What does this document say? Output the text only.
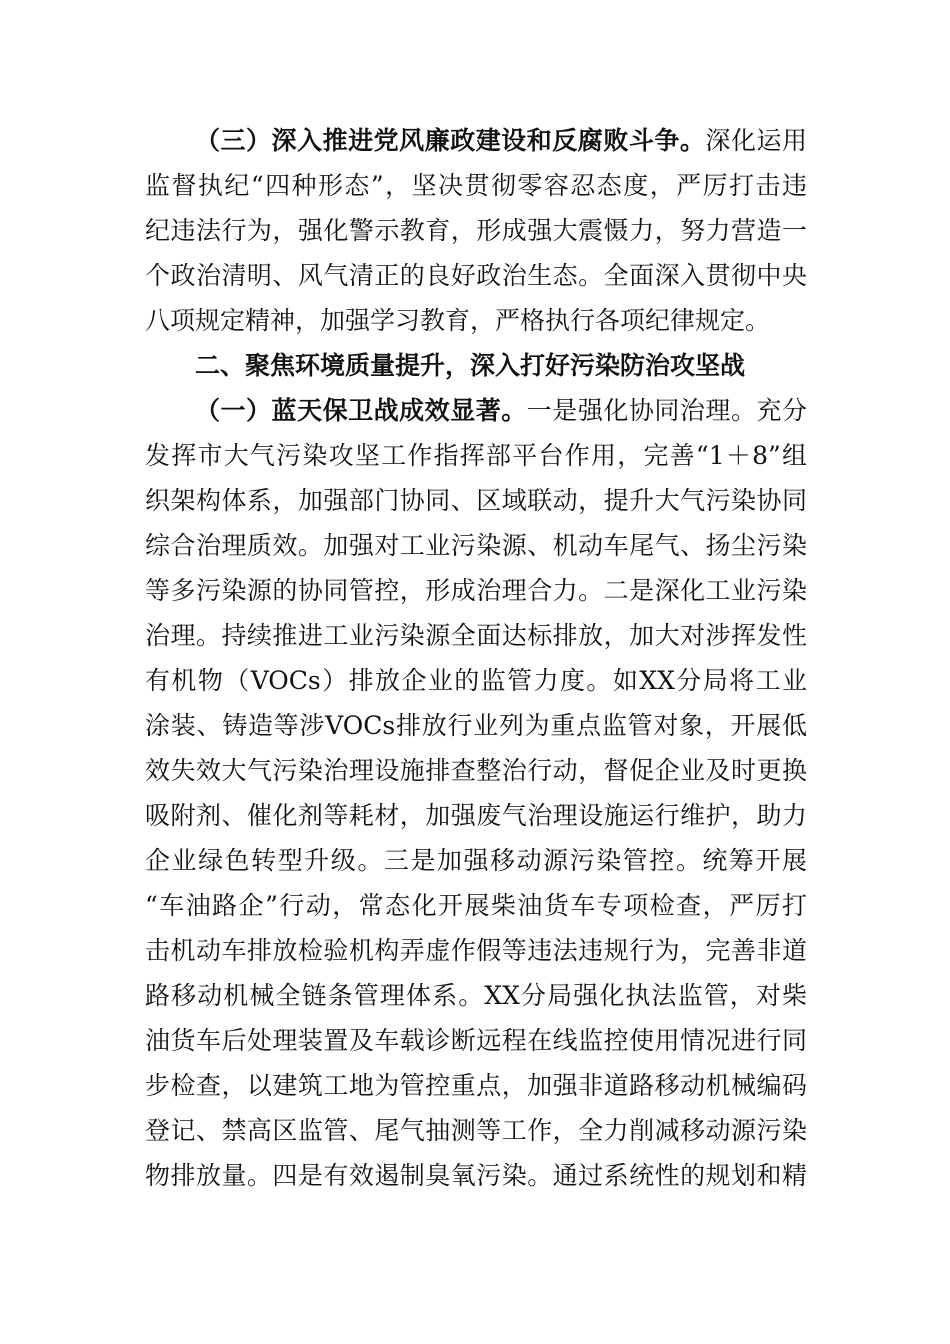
（三）深入推进党风廉政建设和反腐败斗争。深化运用
监督执纪“四种形态”，坚决贯彻零容忍态度，严厉打击违
纪违法行为，强化警示教育，形成强大震慑力，努力营造一
个政治清明、风气清正的良好政治生态。全面深入贯彻中央
八项规定精神，加强学习教育，严格执行各项纪律规定。
二、聚焦环境质量提升，深入打好污染防治攻坚战
（一）蓝天保卫战成效显著。一是强化协同治理。充分
发挥市大气污染攻坚工作指挥部平台作用，完善“1＋8”组
织架构体系，加强部门协同、区域联动，提升大气污染协同
综合治理质效。加强对工业污染源、机动车尾气、扬尘污染
等多污染源的协同管控，形成治理合力。二是深化工业污染
治理。持续推进工业污染源全面达标排放，加大对涉挥发性
有机物（VOCs）排放企业的监管力度。如XX分局将工业
涂装、铸造等涉VOCs排放行业列为重点监管对象，开展低
效失效大气污染治理设施排查整治行动，督促企业及时更换
吸附剂、催化剂等耗材，加强废气治理设施运行维护，助力
企业绿色转型升级。三是加强移动源污染管控。统筹开展
“车油路企”行动，常态化开展柴油货车专项检查，严厉打
击机动车排放检验机构弄虚作假等违法违规行为，完善非道
路移动机械全链条管理体系。XX分局强化执法监管，对柴
油货车后处理装置及车载诊断远程在线监控使用情况进行同
步检查，以建筑工地为管控重点，加强非道路移动机械编码
登记、禁高区监管、尾气抽测等工作，全力削减移动源污染
物排放量。四是有效遏制臭氧污染。通过系统性的规划和精
